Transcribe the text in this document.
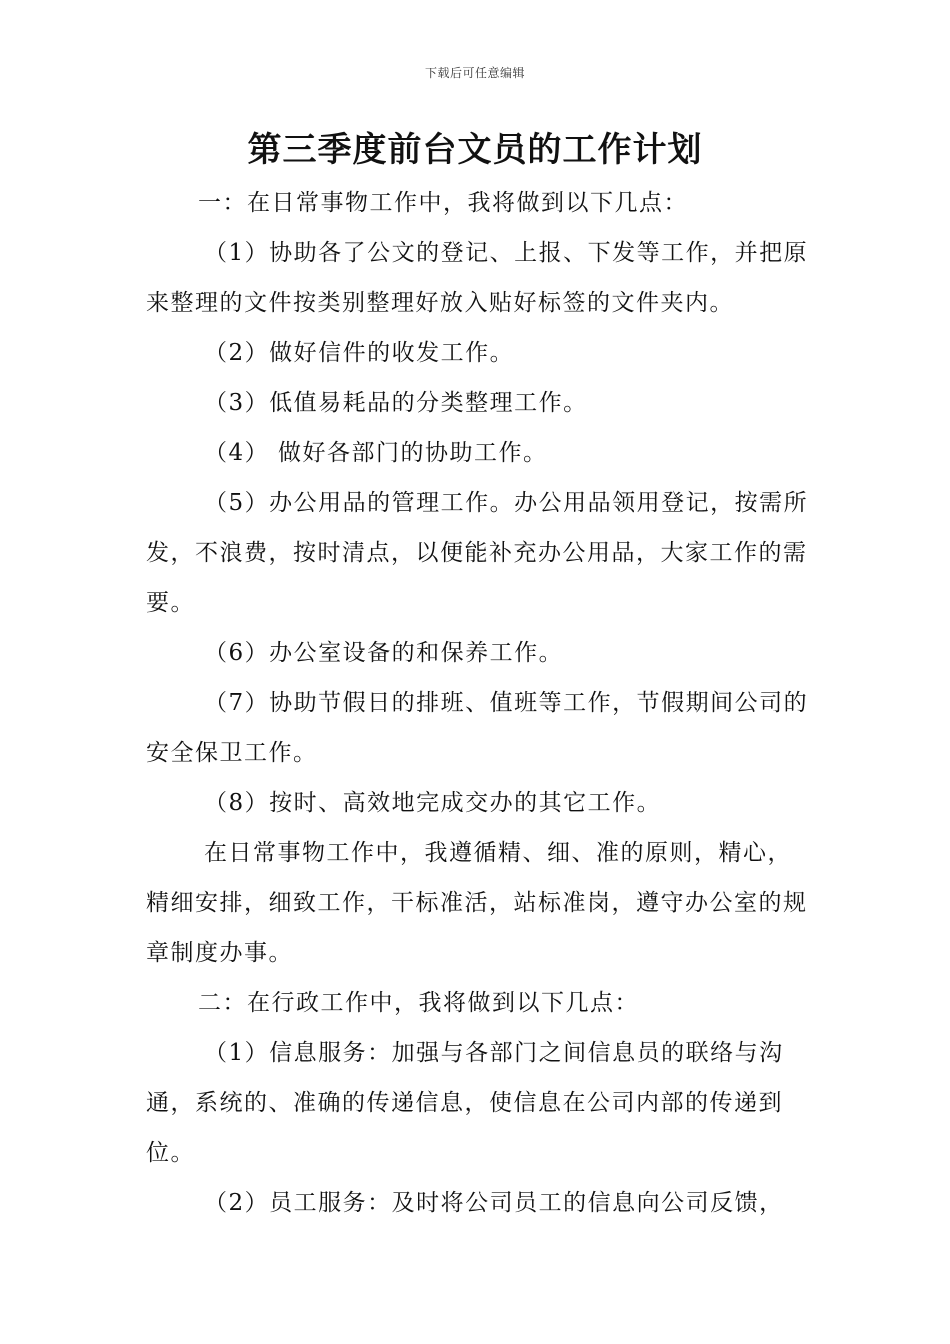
下载后可任意编辑
第三季度前台文员的工作计划

一：在日常事物工作中，我将做到以下几点：

（1）协助各了公文的登记、上报、下发等工作，并把原来整理的文件按类别整理好放入贴好标签的文件夹内。

（2）做好信件的收发工作。

（3）低值易耗品的分类整理工作。

（4） 做好各部门的协助工作。

（5）办公用品的管理工作。办公用品领用登记，按需所发，不浪费，按时清点，以便能补充办公用品，大家工作的需要。

（6）办公室设备的和保养工作。

（7）协助节假日的排班、值班等工作，节假期间公司的安全保卫工作。

（8）按时、高效地完成交办的其它工作。

在日常事物工作中，我遵循精、细、准的原则，精心，精细安排，细致工作，干标准活，站标准岗，遵守办公室的规章制度办事。

二：在行政工作中，我将做到以下几点：

（1）信息服务：加强与各部门之间信息员的联络与沟通，系统的、准确的传递信息，使信息在公司内部的传递到位。

（2）员工服务：及时将公司员工的信息向公司反馈，
